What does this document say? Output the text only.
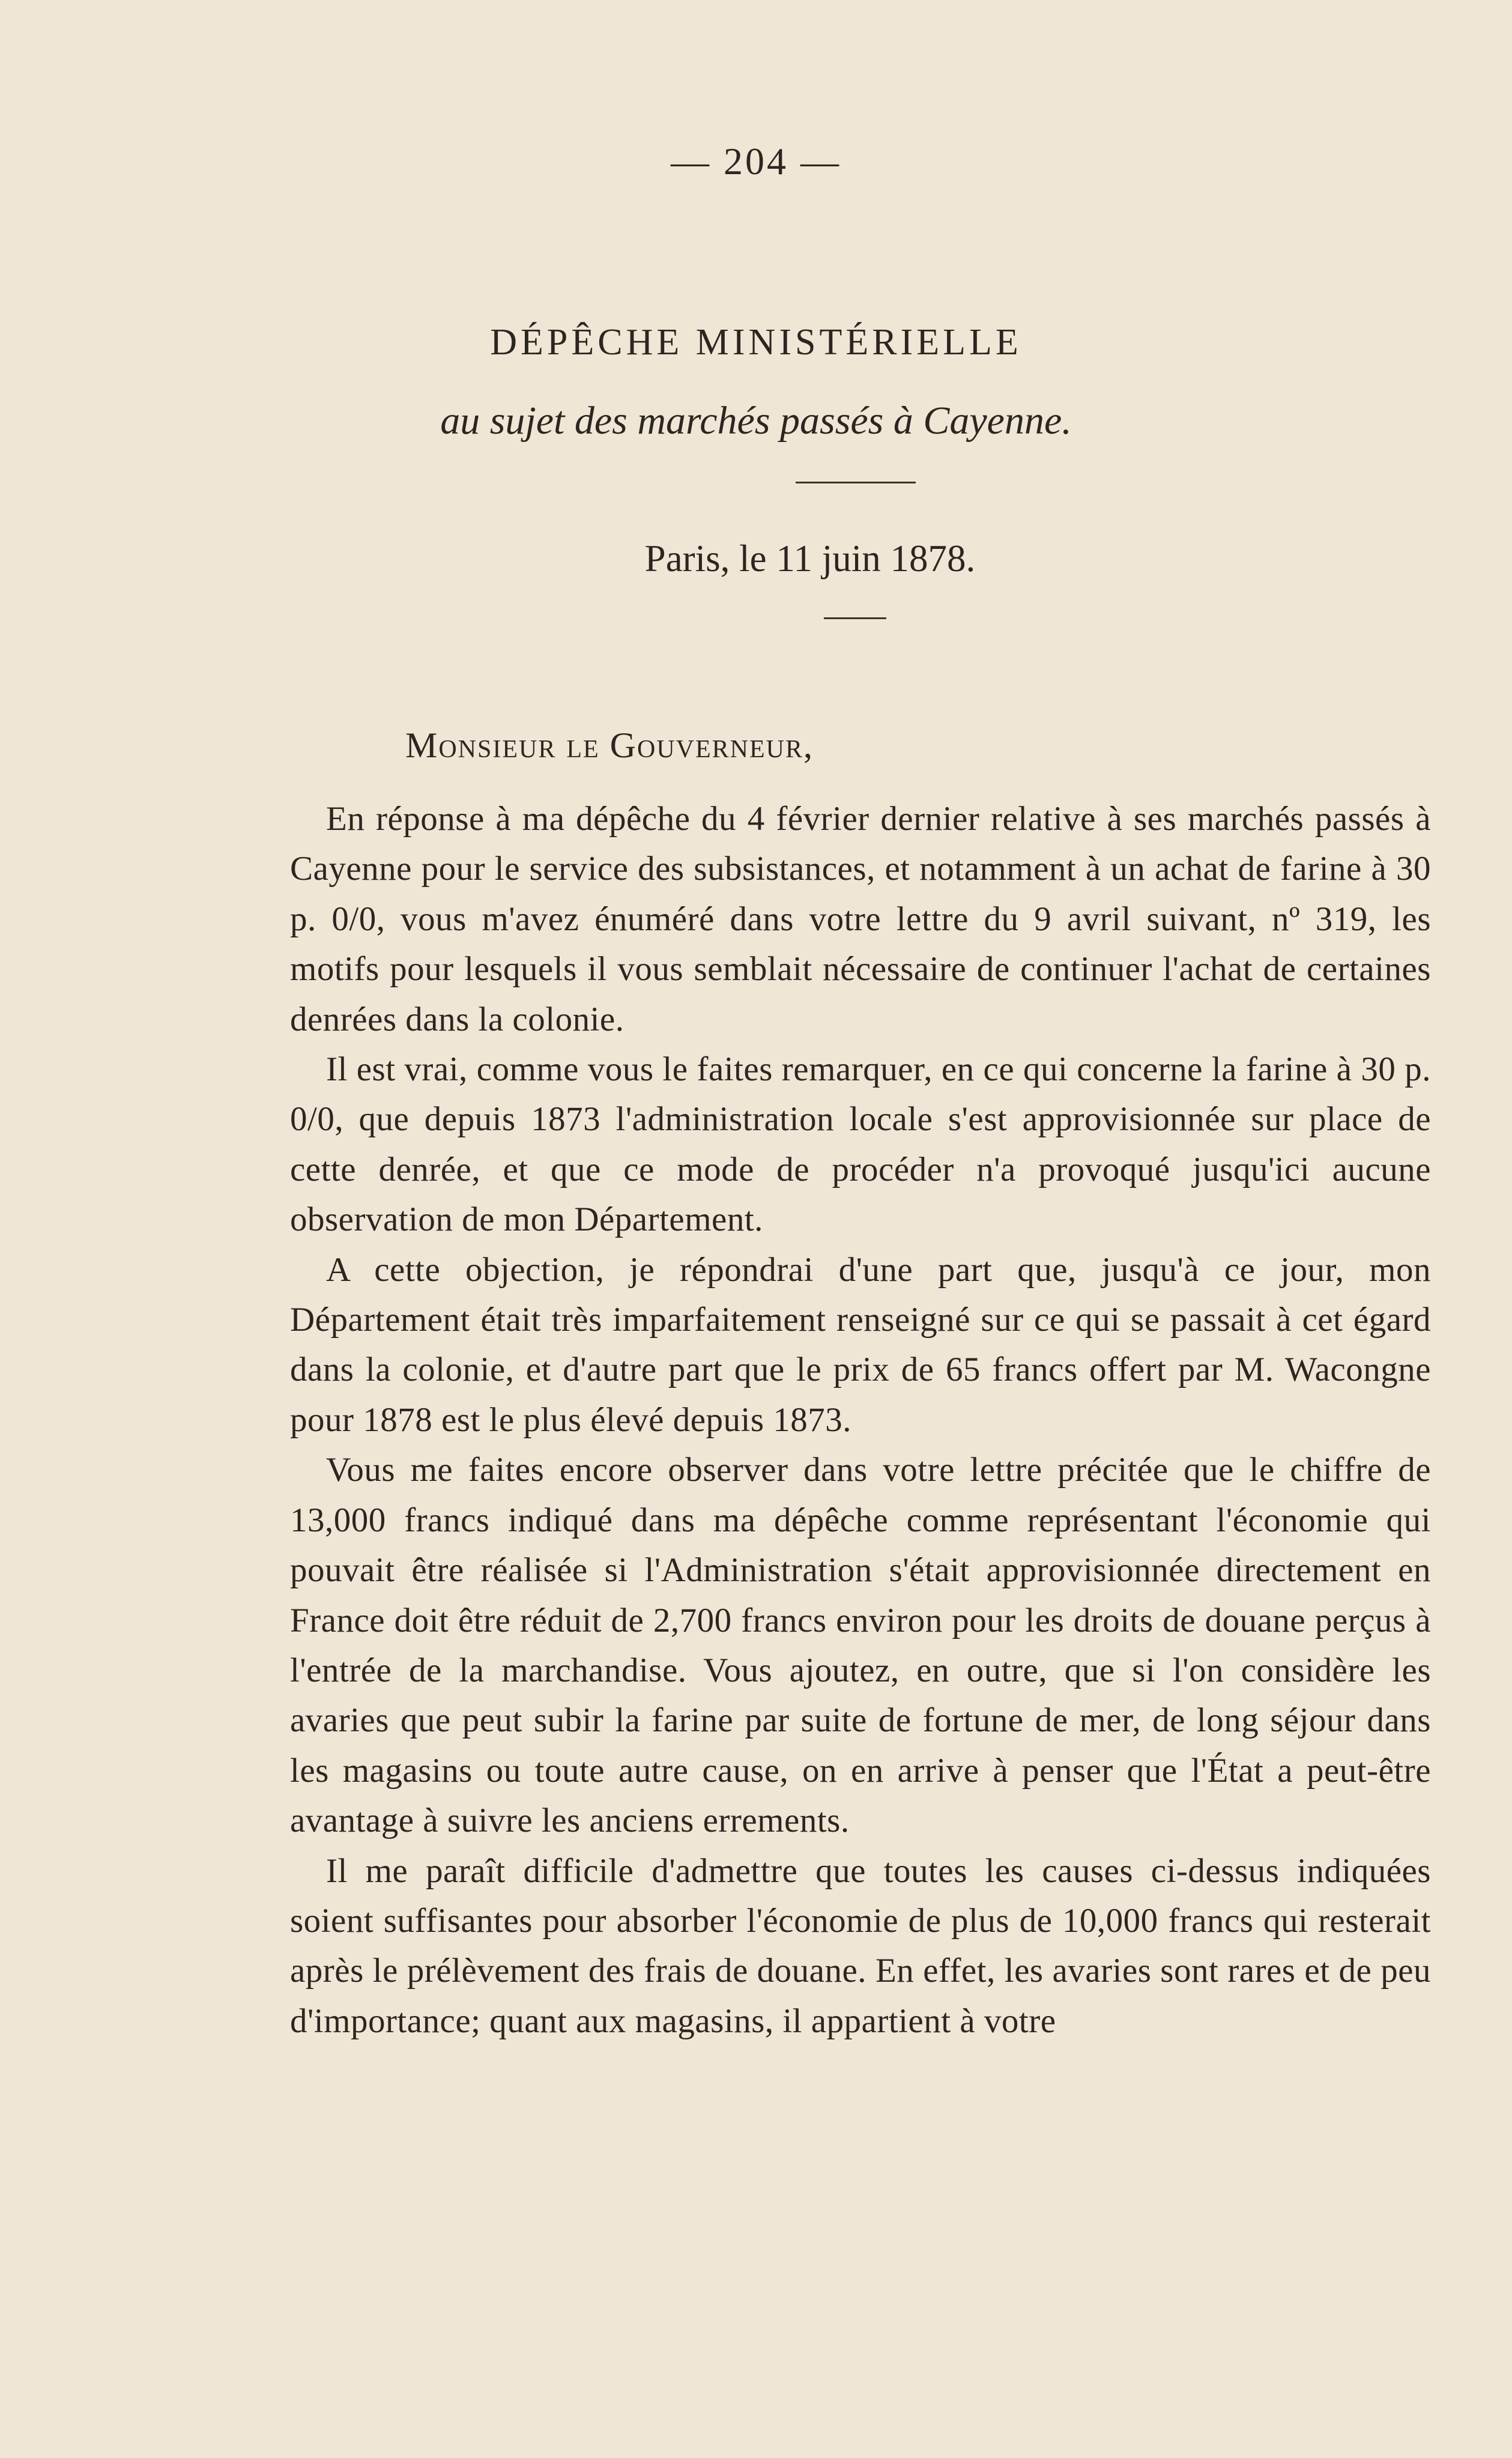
— 204 —
DÉPÊCHE MINISTÉRIELLE
au sujet des marchés passés à Cayenne.
Paris, le 11 juin 1878.
Monsieur le Gouverneur,

En réponse à ma dépêche du 4 février dernier relative à ses marchés passés à Cayenne pour le service des subsistances, et notamment à un achat de farine à 30 p. 0/0, vous m'avez énuméré dans votre lettre du 9 avril suivant, nº 319, les motifs pour lesquels il vous semblait nécessaire de continuer l'achat de certaines denrées dans la colonie.

Il est vrai, comme vous le faites remarquer, en ce qui concerne la farine à 30 p. 0/0, que depuis 1873 l'administration locale s'est approvisionnée sur place de cette denrée, et que ce mode de procéder n'a provoqué jusqu'ici aucune observation de mon Département.

A cette objection, je répondrai d'une part que, jusqu'à ce jour, mon Département était très imparfaitement renseigné sur ce qui se passait à cet égard dans la colonie, et d'autre part que le prix de 65 francs offert par M. Wacongne pour 1878 est le plus élevé depuis 1873.

Vous me faites encore observer dans votre lettre précitée que le chiffre de 13,000 francs indiqué dans ma dépêche comme représentant l'économie qui pouvait être réalisée si l'Administration s'était approvisionnée directement en France doit être réduit de 2,700 francs environ pour les droits de douane perçus à l'entrée de la marchandise. Vous ajoutez, en outre, que si l'on considère les avaries que peut subir la farine par suite de fortune de mer, de long séjour dans les magasins ou toute autre cause, on en arrive à penser que l'État a peut-être avantage à suivre les anciens errements.

Il me paraît difficile d'admettre que toutes les causes ci-dessus indiquées soient suffisantes pour absorber l'économie de plus de 10,000 francs qui resterait après le prélèvement des frais de douane. En effet, les avaries sont rares et de peu d'importance; quant aux magasins, il appartient à votre
